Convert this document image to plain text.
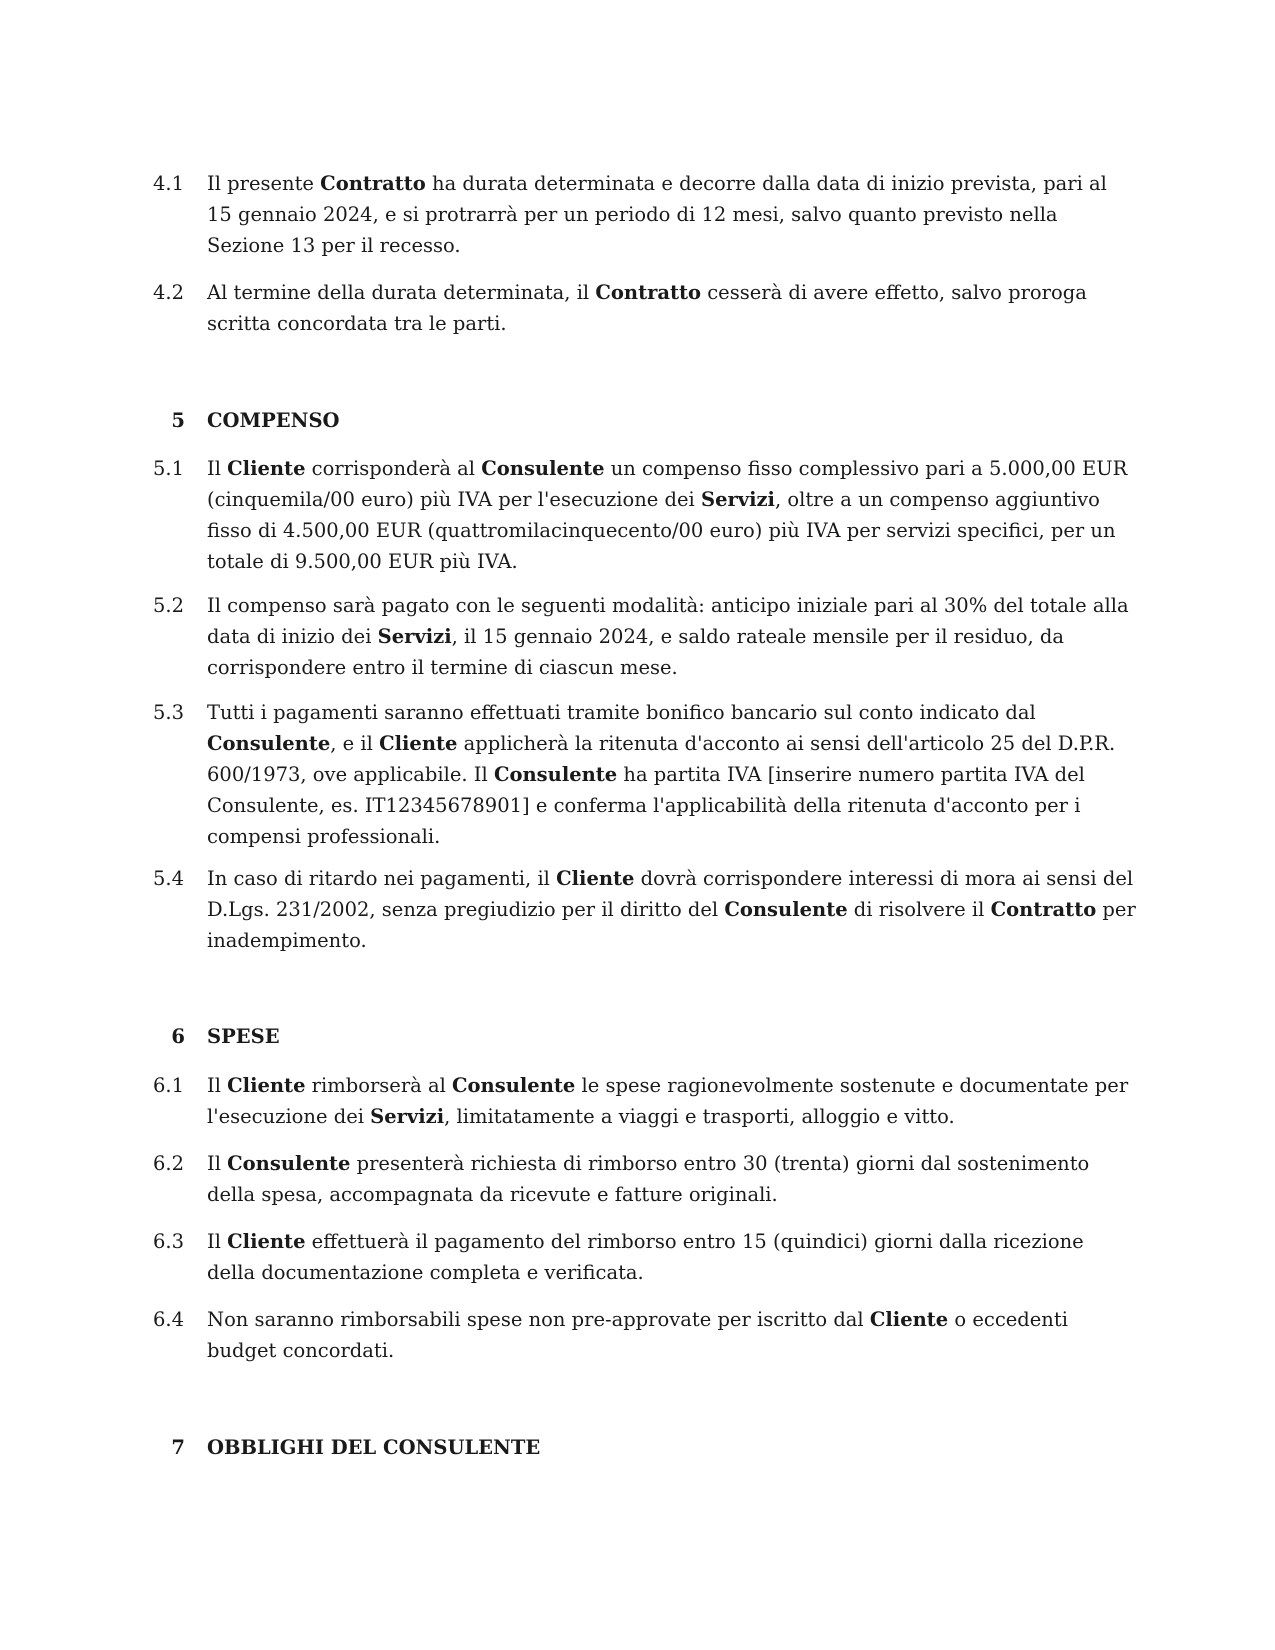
4.1	Il presente Contratto ha durata determinata e decorre dalla data di inizio prevista, pari al 15 gennaio 2024, e si protrarrà per un periodo di 12 mesi, salvo quanto previsto nella Sezione 13 per il recesso.
4.2	Al termine della durata determinata, il Contratto cesserà di avere effetto, salvo proroga scritta concordata tra le parti.
5 COMPENSO
5.1	Il Cliente corrisponderà al Consulente un compenso fisso complessivo pari a 5.000,00 EUR (cinquemila/00 euro) più IVA per l'esecuzione dei Servizi, oltre a un compenso aggiuntivo fisso di 4.500,00 EUR (quattromilacinquecento/00 euro) più IVA per servizi specifici, per un totale di 9.500,00 EUR più IVA.
5.2	Il compenso sarà pagato con le seguenti modalità: anticipo iniziale pari al 30% del totale alla data di inizio dei Servizi, il 15 gennaio 2024, e saldo rateale mensile per il residuo, da corrispondere entro il termine di ciascun mese.
5.3	Tutti i pagamenti saranno effettuati tramite bonifico bancario sul conto indicato dal Consulente, e il Cliente applicherà la ritenuta d'acconto ai sensi dell'articolo 25 del D.P.R. 600/1973, ove applicabile. Il Consulente ha partita IVA [inserire numero partita IVA del Consulente, es. IT12345678901] e conferma l'applicabilità della ritenuta d'acconto per i compensi professionali.
5.4	In caso di ritardo nei pagamenti, il Cliente dovrà corrispondere interessi di mora ai sensi del D.Lgs. 231/2002, senza pregiudizio per il diritto del Consulente di risolvere il Contratto per inadempimento.
6 SPESE
6.1	Il Cliente rimborserà al Consulente le spese ragionevolmente sostenute e documentate per l'esecuzione dei Servizi, limitatamente a viaggi e trasporti, alloggio e vitto.
6.2	Il Consulente presenterà richiesta di rimborso entro 30 (trenta) giorni dal sostenimento della spesa, accompagnata da ricevute e fatture originali.
6.3	Il Cliente effettuerà il pagamento del rimborso entro 15 (quindici) giorni dalla ricezione della documentazione completa e verificata.
6.4	Non saranno rimborsabili spese non pre-approvate per iscritto dal Cliente o eccedenti budget concordati.
7 OBBLIGHI DEL CONSULENTE
